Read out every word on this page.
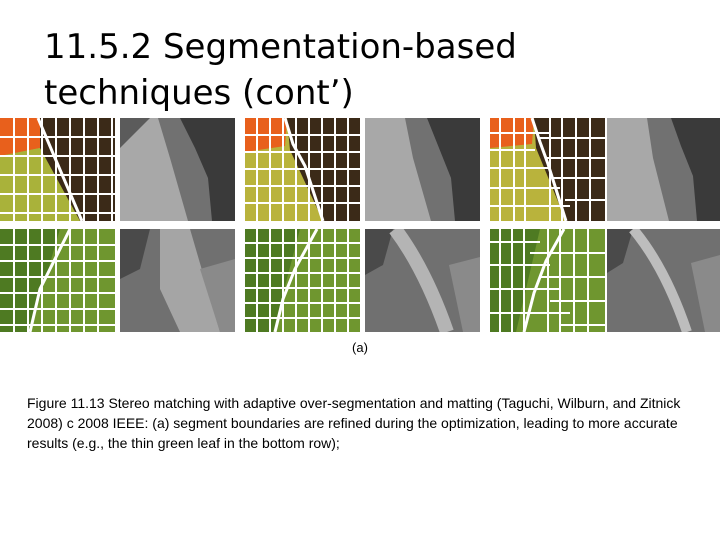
11.5.2 Segmentation-based techniques (cont’)
(a)

Figure 11.13 Stereo matching with adaptive over-segmentation and matting (Taguchi, Wilburn, and Zitnick 2008) c 2008 IEEE: (a) segment boundaries are refined during the optimization, leading to more accurate results (e.g., the thin green leaf in the bottom row);
